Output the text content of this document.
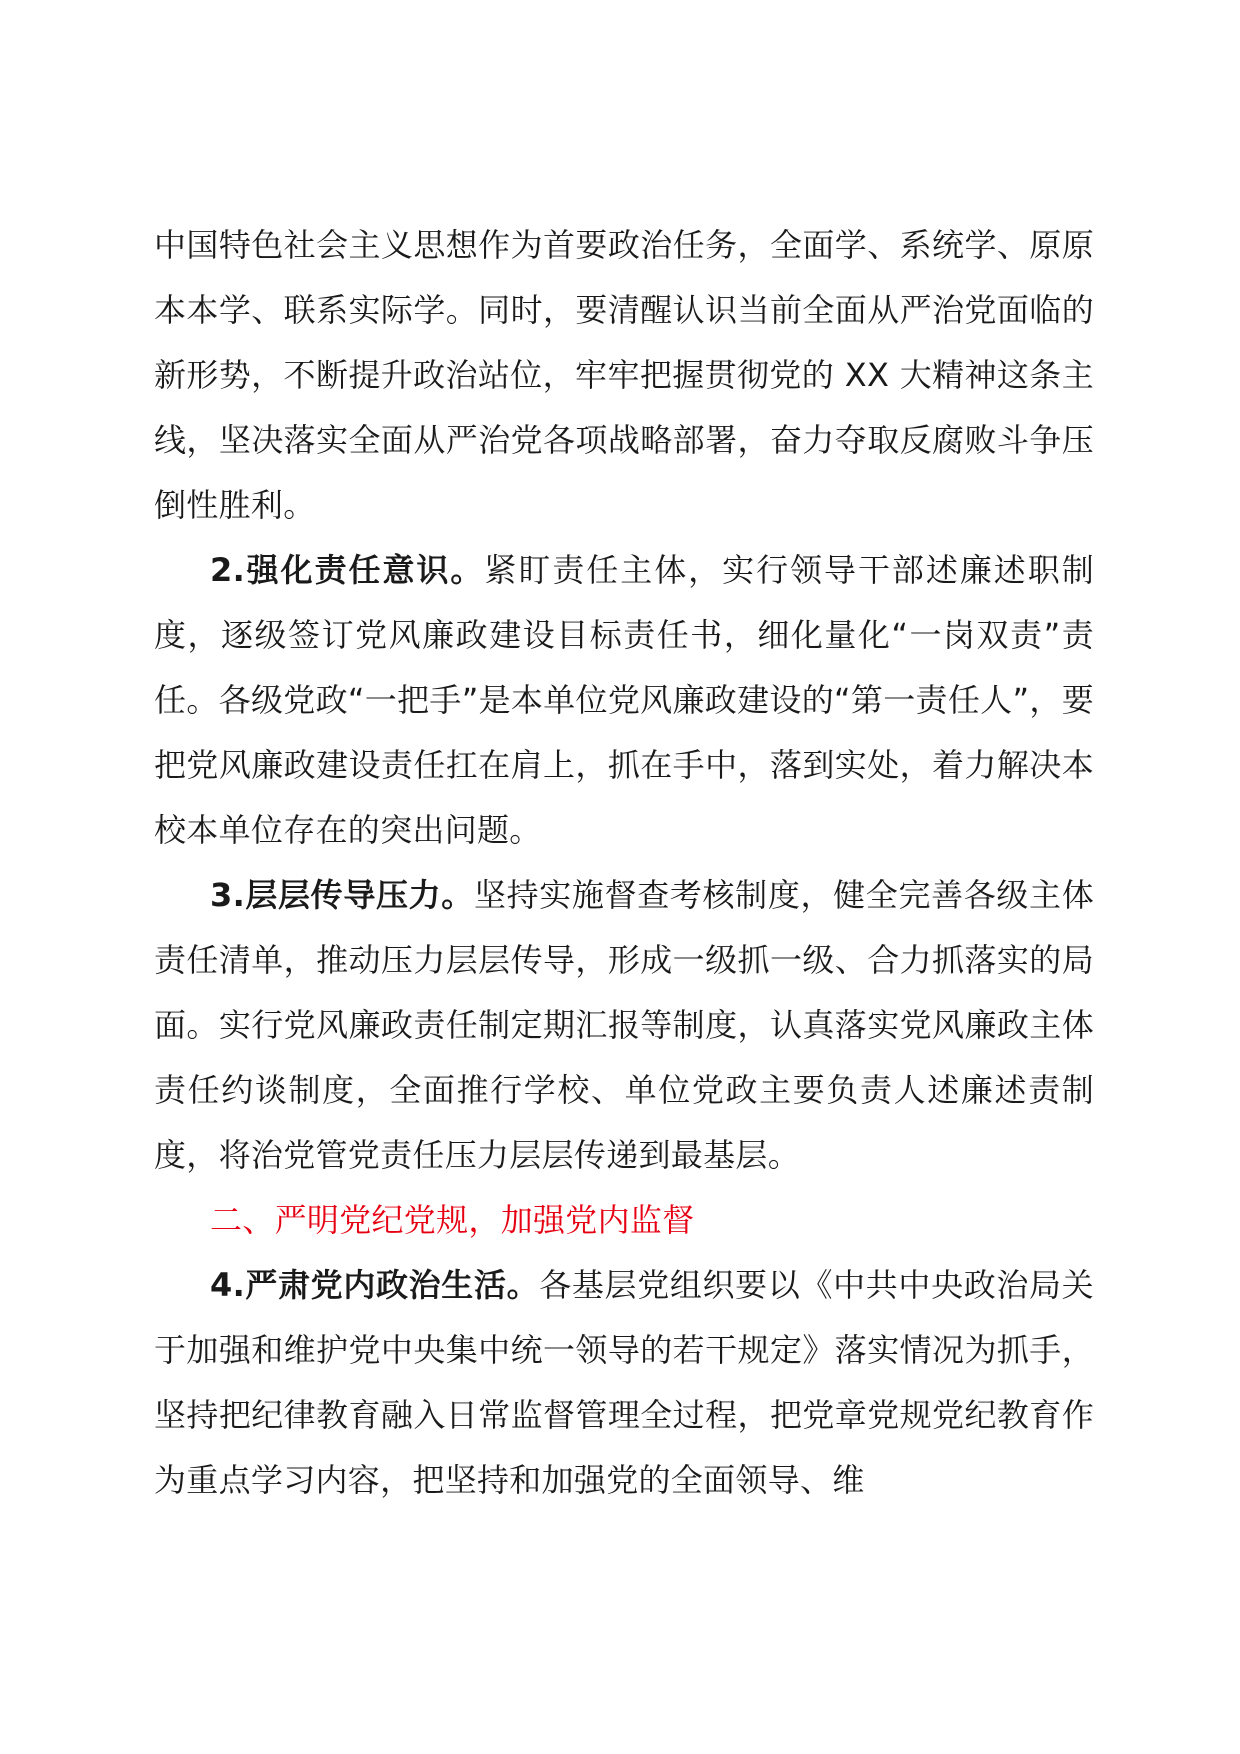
中国特色社会主义思想作为首要政治任务，全面学、系统学、原原本本学、联系实际学。同时，要清醒认识当前全面从严治党面临的新形势，不断提升政治站位，牢牢把握贯彻党的 XX 大精神这条主线，坚决落实全面从严治党各项战略部署，奋力夺取反腐败斗争压倒性胜利。

2.强化责任意识。紧盯责任主体，实行领导干部述廉述职制度，逐级签订党风廉政建设目标责任书，细化量化“一岗双责”责任。各级党政“一把手”是本单位党风廉政建设的“第一责任人”，要把党风廉政建设责任扛在肩上，抓在手中，落到实处，着力解决本校本单位存在的突出问题。

3.层层传导压力。坚持实施督查考核制度，健全完善各级主体责任清单，推动压力层层传导，形成一级抓一级、合力抓落实的局面。实行党风廉政责任制定期汇报等制度，认真落实党风廉政主体责任约谈制度，全面推行学校、单位党政主要负责人述廉述责制度，将治党管党责任压力层层传递到最基层。

二、严明党纪党规，加强党内监督

4.严肃党内政治生活。各基层党组织要以《中共中央政治局关于加强和维护党中央集中统一领导的若干规定》落实情况为抓手，坚持把纪律教育融入日常监督管理全过程，把党章党规党纪教育作为重点学习内容，把坚持和加强党的全面领导、维
